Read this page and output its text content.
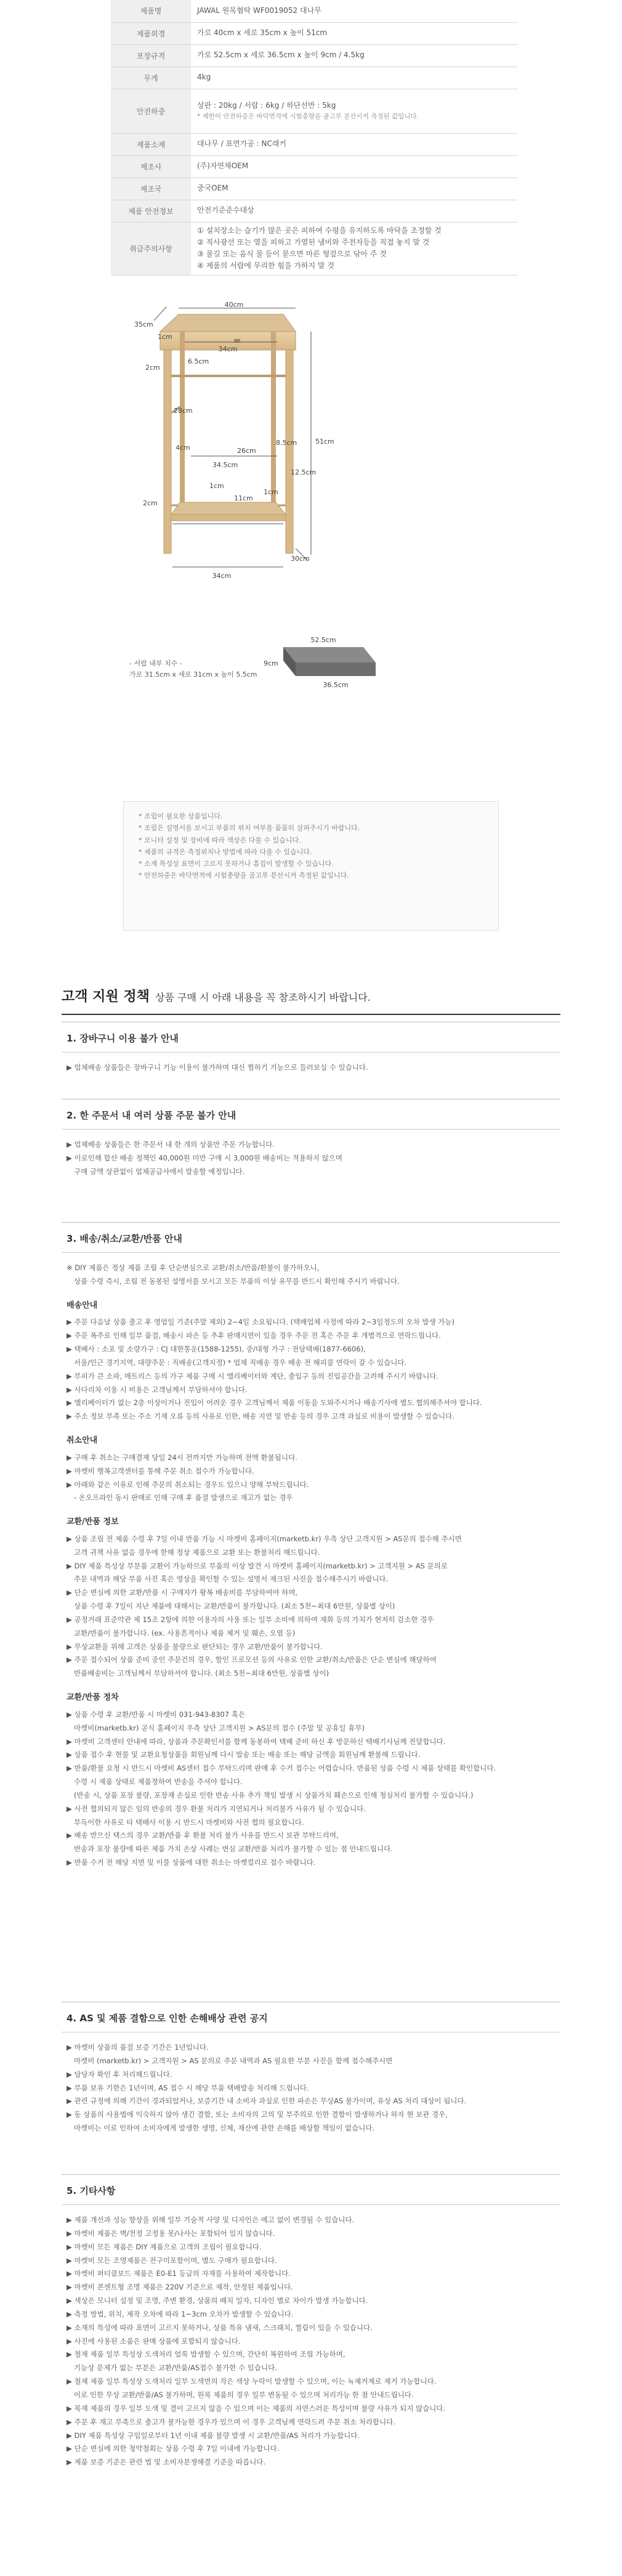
제품명	JAWAL 원목협탁 WF0019052 대나무

제품외경	가로 40cm x 세로 35cm x 높이 51cm

포장규격	가로 52.5cm x 세로 36.5cm x 높이 9cm / 4.5kg

무게	4kg

안전하중	상판 : 20kg / 서랍 : 6kg / 하단선반 : 5kg
* 제한이 안전하중은 바닥면적에 시험총량을 골고루 분산시켜 측정된 값입니다.

제품소재	대나무 / 표면가공 : NC래커

제조사	(주)자연채OEM

제조국	중국OEM

제품 안전정보	안전기준준수대상

취급주의사항	① 설치장소는 습기가 많은 곳은 피하여 수평을 유지하도록 바닥을 조정할 것
② 직사광선 또는 열을 피하고 가열된 냄비와 주전자등을 직접 놓지 말 것
③ 물길 또는 음식 물 등이 묻으면 마른 헝겊으로 닦아 주 것
④ 제품의 서랍에 무리한 힘을 가하지 말 것
40cm
35cm
51cm
1cm
34cm
6.5cm
2cm
28cm
4cm	26cm
8.5cm
34.5cm
12.5cm
1cm
2cm
11cm
1cm
30cm
34cm
- 서랍 내부 치수 -
가로 31.5cm x 세로 31cm x 높이 5.5cm
52.5cm
9cm
36.5cm

* 조립이 필요한 상품입니다.

* 조립은 설명서를 보시고 부품의 위치 여부를 꼼꼼히 살펴주시기 바랍니다.

* 모니터 설정 및 장비에 따라 색상은 다를 수 있습니다.

* 제품의 규격은 측정위치나 방법에 따라 다를 수 있습니다.

* 소재 특성상 표면이 고르지 못하거나 흠집이 발생할 수 있습니다.

* 안전하중은 바닥면적에 시험총량을 골고루 분산시켜 측정된 값입니다.

고객 지원 정책 상품 구매 시 아래 내용을 꼭 참조하시기 바랍니다.
1. 장바구니 이용 불가 안내

▶ 업체배송 상품들은 장바구니 기능 이용이 불가하며 대신 찜하기 기능으로 들러보실 수 있습니다.

2. 한 주문서 내 여러 상품 주문 불가 안내

▶ 업체배송 상품들은 한 주문서 내 한 개의 상품만 주문 가능합니다.

▶ 이로인해 합산 배송 정책인 40,000원 미만 구매 시 3,000원 배송비는 적용하지 않으며

구매 금액 상관없이 업체공급사에서 발송할 예정입니다.

3. 배송/취소/교환/반품 안내

※ DIY 제품은 정상 제품 조립 후 단순변심으로 교환/취소/반품/환불이 불가하오니,

상품 수령 즉시, 조립 전 동봉된 설명서를 보시고 모든 부품의 이상 유무를 반드시 확인해 주시기 바랍니다.

배송안내

▶ 주문 다음날 상품 출고 후 영업일 기준(주말 제외) 2~4일 소요됩니다. (택배업체 사정에 따라 2~3일정도의 오차 발생 가능)

▶ 주문 폭주로 인해 일부 품절, 배송시 파손 등 추후 판매지연이 있을 경우 주문 전 혹은 주문 후 개별적으로 연락드립니다.

▶ 택배사 : 소포 및 소량가구 : CJ 대한통운(1588-1255), 중/대형 가구 : 전담택배(1877-6606),

서울/인근 경기지역, 대량주문 : 직배송(고객지정) * 업체 직배송 경우 배송 전 해피콜 연락이 갈 수 있습니다.

▶ 부피가 큰 소파, 매트리스 등의 가구 제품 구매 시 엘리베이터와 계단, 출입구 등의 진입공간을 고려해 주시기 바랍니다.

▶ 사다리차 이용 시 비용은 고객님께서 부담하셔야 합니다.

▶ 엘리베이터가 없는 2층 이상이거나 진입이 어려운 경우 고객님께서 제품 이동을 도와주시거나 배송기사에 별도 협의해주셔야 합니다.

▶ 주소 정보 부족 또는 주소 기재 오류 등의 사유로 인한, 배송 지연 및 반송 등의 경우 고객 과실로 비용이 발생할 수 있습니다.

취소안내

▶ 구매 후 취소는 구매결제 당일 24시 전까지만 가능하며 전액 환불됩니다.

▶ 마켓비 행복고객센터를 통해 주문 취소 접수가 가능합니다.

▶ 아래와 같은 이유로 인해 주문의 취소되는 경우도 있으니 양해 부탁드립니다.

- 온오프라인 동시 판매로 인해 구매 후 품절 발생으로 재고가 없는 경우

교환/반품 정보

▶ 상품 조립 전 제품 수령 후 7일 이내 반품 가능 시 마켓비 홈페이지(marketb.kr) 우측 상단 고객지원 > AS문의 접수해 주시면

고객 귀책 사유 없음 경우에 한해 정상 제품으로 교환 또는 환불처리 해드립니다.

▶ DIY 제품 특성상 부분품 교환이 가능하므로 부품의 이상 발견 시 마켓비 홈페이지(marketb.kr) > 고객지원 > AS 문의로

주문 내역과 해당 부품 사진 혹은 영상을 확인할 수 있는 설명서 제크된 사진을 접수해주시기 바랍니다.

▶ 단순 변심에 의한 교환/반품 시 구매자가 왕복 배송비를 부담하여야 하며,

상품 수령 후 7일이 지난 제품에 대해서는 교환/반품이 불가합니다. (최소 5천~최대 6만원, 상품별 상이)

▶ 공정거래 표준약관 제 15조 2항에 의한 이용자의 사용 또는 일부 소비에 의하여 재화 등의 가치가 현저히 감소한 경우

교환/반품이 불가합니다. (ex. 사용흔적이나 제품 제거 및 훼손, 오염 등)

▶ 무상교환을 위해 고객은 상품을 불량으로 판단되는 경우 교환/반품이 불가합니다.

▶ 주문 접수되어 상품 준비 중인 주문건의 경우, 할인 프로모션 등의 사유로 인한 교환/취소/반품은 단순 변심에 해당하여

반품배송비는 고객님께서 부담하셔야 합니다. (최소 5천~최대 6만원, 상품별 상이)

교환/반품 정차

▶ 상품 수령 후 교환/반품 시 마켓비 031-943-8307 혹은

마켓비(marketb.kr) 공식 홈페이지 우측 상단 고객지원 > AS문의 접수 (주말 및 공휴일 휴무)

▶ 마켓비 고객센터 안내에 따라, 상품과 주문확인서를 함께 동봉하여 택배 준비 하신 후 방문하신 택배기사님께 전달합니다.

▶ 상품 접수 후 현물 및 교환요청상품을 회원님께 다시 발송 또는 배송 또는 해당 금액을 회원님께 환불해 드립니다.

▶ 반품/환불 요청 시 반드시 마켓비 AS센터 접수 부탁드리며 판매 후 수거 접수는 어렵습니다. 반품된 상품 수령 시 제품 상태를 확인합니다.

수령 시 제품 상태로 제품정하여 반송을 주셔야 합니다.

(반송 시, 상품 포장 불량, 포장재 손실로 인한 반송 사유 추가 책임 발생 시 상품가치 훼손으로 인해 청심처리 불가할 수 있습니다.)

▶ 사전 협의되지 않은 임의 반송의 경우 환불 처리가 지연되거나 처리불가 사유가 될 수 있습니다.

부득이한 사유로 타 택배사 이용 시 반드시 마켓비와 사전 협의 필요합니다.

▶ 배송 받으신 택스의 경우 교환/반품 후 환불 처리 불가 사유를 반드시 보관 부탁드리며,

반송과 포장 불량에 따른 제품 가치 손상 사례는 변심 교환/반품 처리가 불가할 수 있는 점 안내드립니다.

▶ 반품 수거 전 해당 지면 및 이물 상품에 대한 취소는 마켓컬리로 접수 바랍니다.

4. AS 및 제품 결함으로 인한 손해배상 관련 공지

▶ 마켓비 상품의 품질 보증 기간은 1년입니다.

마켓비 (marketb.kr) > 고객지원 > AS 문의로 주문 내역과 AS 필요한 부분 사진을 함께 접수해주시면

▶ 담당자 확인 후 처리해드립니다.

▶ 부품 보유 기한은 1년이며, AS 접수 시 해당 부품 택배발송 처리해 드립니다.

▶ 관련 규정에 의해 기간이 경과되었거나, 보증기간 내 소비자 과실로 인한 파손은 무상AS 불가이며, 유상 AS 처리 대상이 됩니다.

▶ 동 상품의 사용법에 익숙하지 않아 생긴 결함, 또는 소비자의 고의 및 부주의로 인한 결함이 발생하거나 하자 현 보관 경우,

마켓비는 이로 인하여 소비자에게 발생한 생명, 신체, 재산에 관한 손해를 배상할 책임이 없습니다.

5. 기타사항

▶ 제품 개선과 성능 향상을 위해 일부 기술적 사양 및 디자인은 예고 없이 변경될 수 있습니다.

▶ 마켓비 제품은 벽/천정 고정용 못/나사는 포함되어 있지 않습니다.

▶ 마켓비 모든 제품은 DIY 제품으로 고객의 조립이 필요합니다.

▶ 마켓비 모든 조명제품은 전구미포함이며, 별도 구매가 필요합니다.

▶ 마켓비 퍼티클보드 제품은 E0-E1 등급의 자재를 사용하여 제작합니다.

▶ 마켓비 콘센트형 조명 제품은 220V 기준으로 제작, 안정된 제품입니다.

▶ 색상은 모니터 설정 및 조명, 주변 환경, 상품의 배치 일자, 디자인 별로 차이가 발생 가능합니다.

▶ 측정 방법, 위치, 제작 오차에 따라 1~3cm 오차가 발생할 수 있습니다.

▶ 소재의 특성에 따라 표면이 고르지 못하거나, 상품 특유 냄새, 스크래치, 찔림이 있을 수 있습니다.

▶ 사진에 사용된 소품은 판매 상품에 포함되지 않습니다.

▶ 철재 제품 일부 특성상 도색처리 얼룩 발생할 수 있으며, 간단히 복원하여 조립 가능하며,

기능상 문제가 없는 부분은 교환/반품/AS접수 불가한 수 있습니다.

▶ 철제 제품 일부 특성상 도색처리 일부 도색면의 작은 색상 누락이 발생할 수 있으며, 이는 녹제거제로 제거 가능합니다.

이로 인한 무상 교환/반품/AS 불가하며, 원목 제품의 경우 일부 변동될 수 있으며 처리가능 한 점 안내드립니다.

▶ 목재 제품의 경우 일부 도색 및 결이 고르지 않을 수 있으며 이는 제품의 자연스러운 특성이며 불량 사유가 되지 않습니다.

▶ 주문 후 재고 부족으로 출고가 불가능한 경우가 있으며 이 경우 고객님께 연락드려 주문 취소 처리합니다.

▶ DIY 제품 특성상 구입일로부터 1년 이내 제품 불량 발생 시 교환/반품/AS 처리가 가능합니다.

▶ 단순 변심에 의한 청약철회는 상품 수령 후 7일 이내에 가능합니다.

▶ 제품 보증 기준은 관련 법 및 소비자분쟁해결 기준을 따릅니다.
